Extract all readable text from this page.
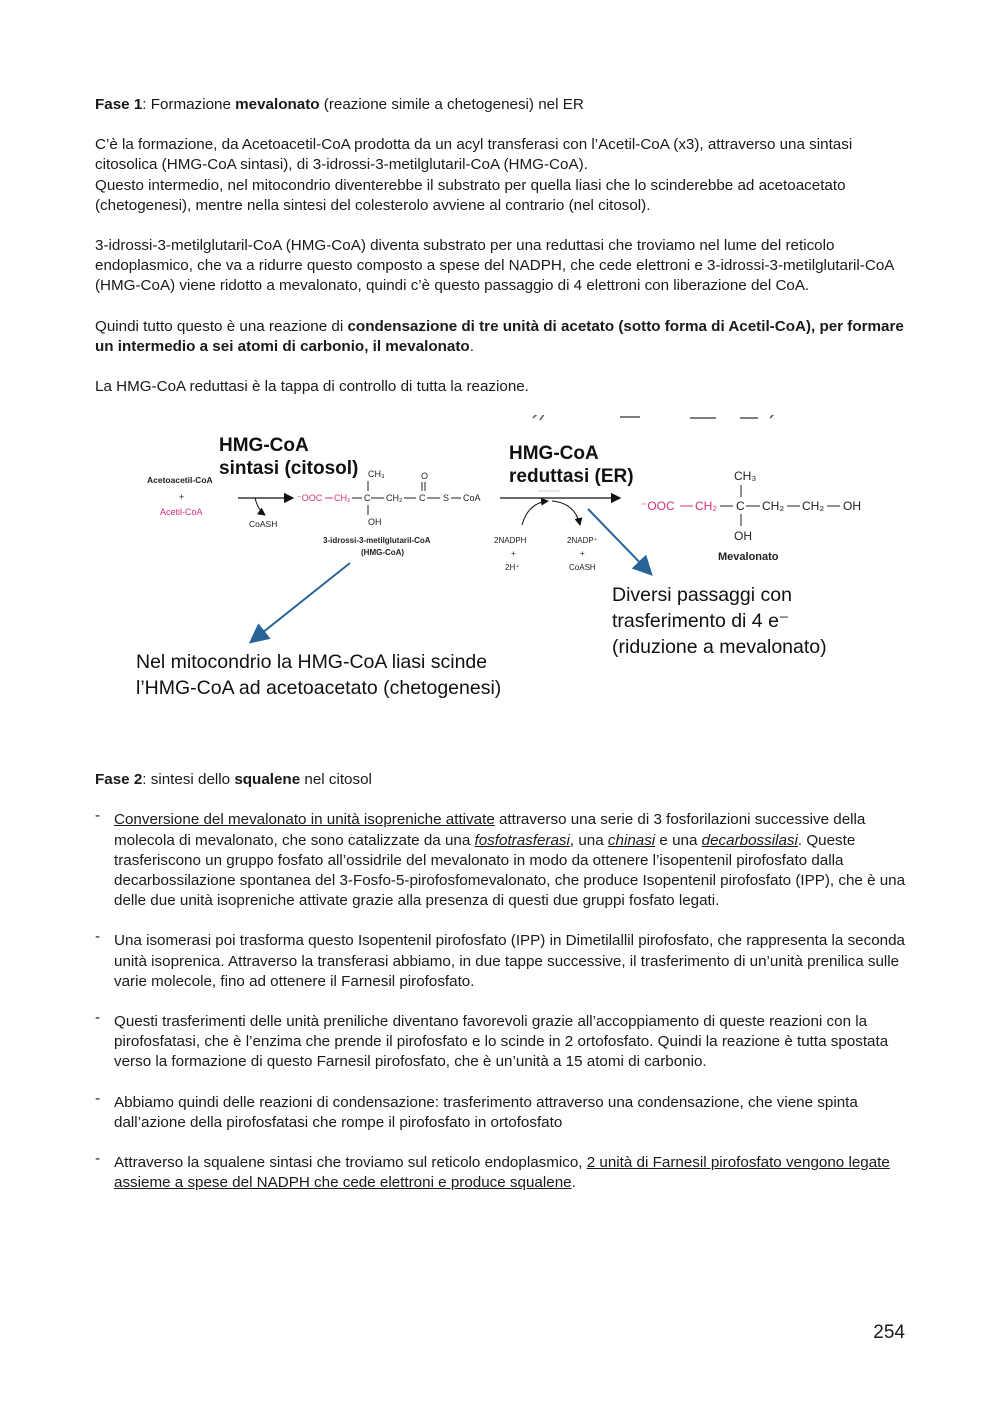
Fase 1: Formazione mevalonato (reazione simile a chetogenesi) nel ER

C’è la formazione, da Acetoacetil-CoA prodotta da un acyl transferasi con l’Acetil-CoA (x3), attraverso una sintasi citosolica (HMG-CoA sintasi), di 3-idrossi-3-metilglutaril-CoA (HMG-CoA).
Questo intermedio, nel mitocondrio diventerebbe il substrato per quella liasi che lo scinderebbe ad acetoacetato (chetogenesi), mentre nella sintesi del colesterolo avviene al contrario (nel citosol).

3-idrossi-3-metilglutaril-CoA (HMG-CoA) diventa substrato per una reduttasi che troviamo nel lume del reticolo endoplasmico, che va a ridurre questo composto a spese del NADPH, che cede elettroni e 3-idrossi-3-metilglutaril-CoA (HMG-CoA) viene ridotto a mevalonato, quindi c’è questo passaggio di 4 elettroni con liberazione del CoA.

Quindi tutto questo è una reazione di condensazione di tre unità di acetato (sotto forma di Acetil-CoA), per formare un intermedio a sei atomi di carbonio, il mevalonato.

La HMG-CoA reduttasi è la tappa di controllo di tutta la reazione.

HMG-CoA
sintasi (citosol)
HMG-CoA
reduttasi (ER)
Acetoacetil-CoA
+
Acetil-CoA
CoASH
⁻OOC CH₂ C
CH₃
OH
CH₂ C
O
S CoA
3-idrossi-3-metilglutaril-CoA
(HMG-CoA)
2NADPH
+
2H⁺
2NADP⁺
+
CoASH
⁻OOC CH₂ C
CH₃
OH
CH₂ CH₂ OH
Mevalonato
Diversi passaggi con
trasferimento di 4 e⁻
(riduzione a mevalonato)
Nel mitocondrio la HMG-CoA liasi scinde
l’HMG-CoA ad acetoacetato (chetogenesi)

Fase 2: sintesi dello squalene nel citosol

- Conversione del mevalonato in unità isopreniche attivate attraverso una serie di 3 fosforilazioni successive della molecola di mevalonato, che sono catalizzate da una fosfotrasferasi, una chinasi e una decarbossilasi. Queste trasferiscono un gruppo fosfato all’ossidrile del mevalonato in modo da ottenere l’isopentenil pirofosfato dalla decarbossilazione spontanea del 3-Fosfo-5-pirofosfomevalonato, che produce Isopentenil pirofosfato (IPP), che è una delle due unità isopreniche attivate grazie alla presenza di questi due gruppi fosfato legati.
- Una isomerasi poi trasforma questo Isopentenil pirofosfato (IPP) in Dimetilallil pirofosfato, che rappresenta la seconda unità isoprenica. Attraverso la transferasi abbiamo, in due tappe successive, il trasferimento di un’unità prenilica sulle varie molecole, fino ad ottenere il Farnesil pirofosfato.
- Questi trasferimenti delle unità preniliche diventano favorevoli grazie all’accoppiamento di queste reazioni con la pirofosfatasi, che è l’enzima che prende il pirofosfato e lo scinde in 2 ortofosfato. Quindi la reazione è tutta spostata verso la formazione di questo Farnesil pirofosfato, che è un’unità a 15 atomi di carbonio.
- Abbiamo quindi delle reazioni di condensazione: trasferimento attraverso una condensazione, che viene spinta dall’azione della pirofosfatasi che rompe il pirofosfato in ortofosfato
- Attraverso la squalene sintasi che troviamo sul reticolo endoplasmico, 2 unità di Farnesil pirofosfato vengono legate assieme a spese del NADPH che cede elettroni e produce squalene.
254
